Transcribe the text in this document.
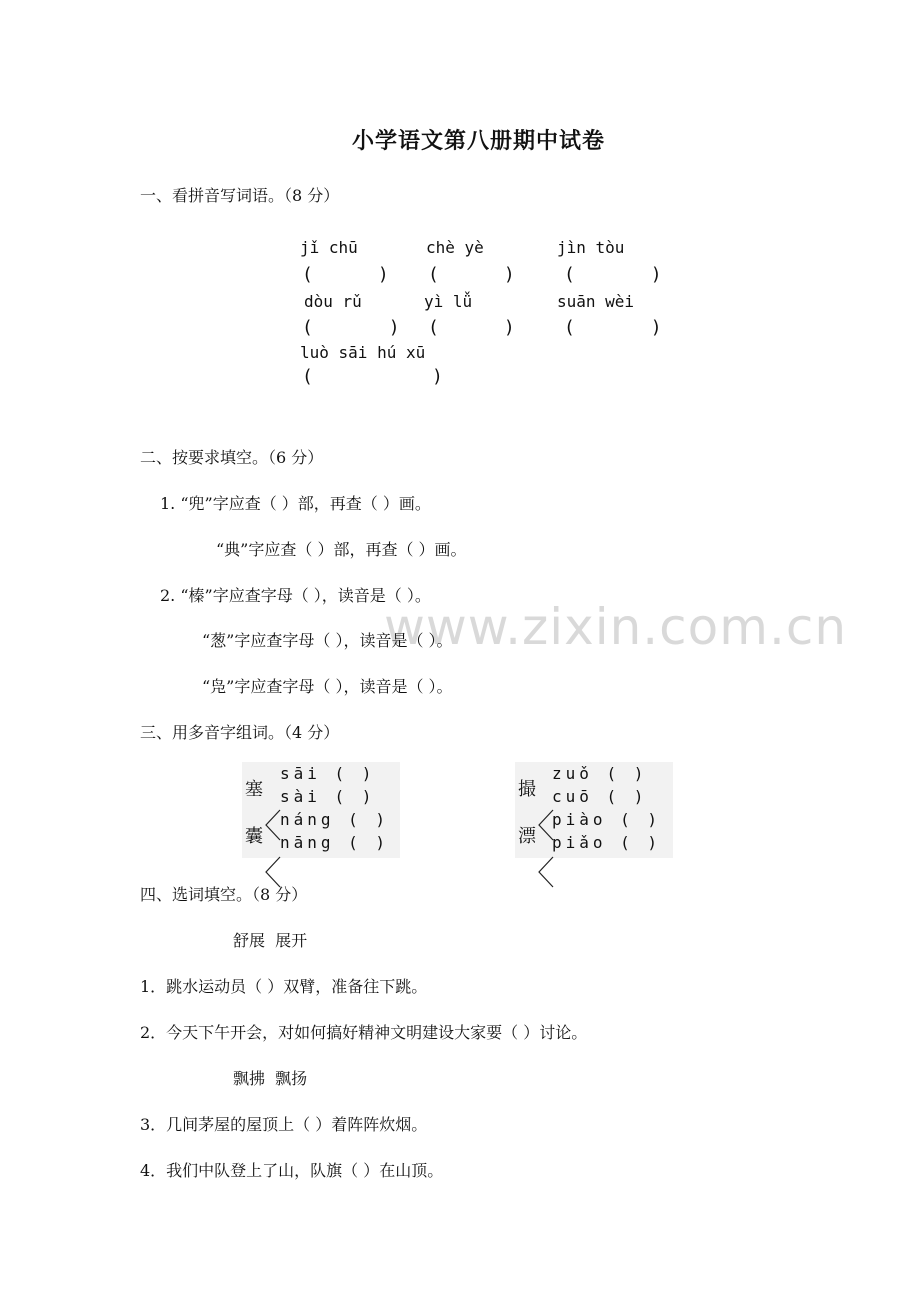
www.zixin.com.cn
小学语文第八册期中试卷
一、看拼音写词语。（8 分）
jǐ chū
(      )
chè yè
(      )
jìn tòu
(       )
dòu rǔ
(       )
yì lǚ
(      )
suān wèi
(       )
luò sāi hú xū
(           )
二、按要求填空。（6 分）
1. “兜”字应查（ ）部，再查（ ）画。
“典”字应查（ ）部，再查（ ）画。
2. “榛”字应查字母（ ），读音是（ ）。
“葱”字应查字母（ ），读音是（ ）。
“凫”字应查字母（ ），读音是（ ）。
三、用多音字组词。（4 分）
塞

sāi ( )
sài ( )
囊

náng ( )
nāng ( )
撮

zuǒ ( )
cuō ( )
漂

piào ( )
piǎo ( )
四、选词填空。（8 分）
舒展  展开
1．跳水运动员（ ）双臂，准备往下跳。
2．今天下午开会，对如何搞好精神文明建设大家要（ ）讨论。
飘拂  飘扬
3．几间茅屋的屋顶上（ ）着阵阵炊烟。
4．我们中队登上了山，队旗（ ）在山顶。
